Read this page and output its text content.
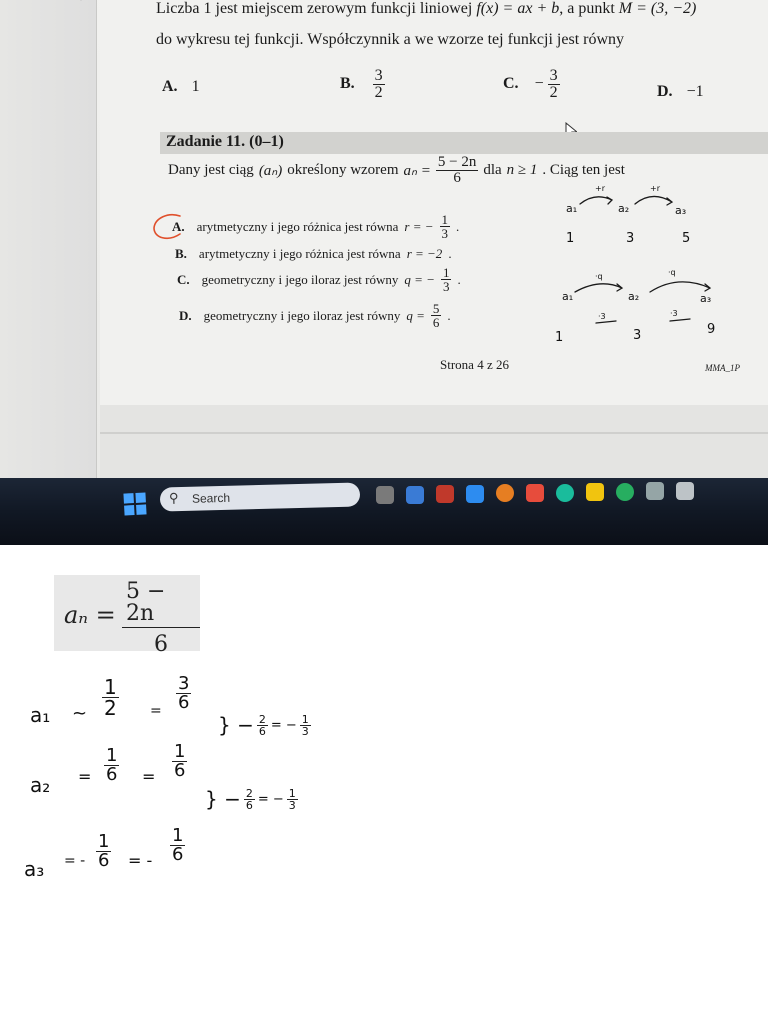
Liczba 1 jest miejscem zerowym funkcji liniowej f(x) = ax + b, a punkt M = (3, −2)
do wykresu tej funkcji. Współczynnik a we wzorze tej funkcji jest równy
A. 1	B. $\frac{3}{2}$	C. − $\frac{3}{2}$	D. −1
Zadanie 11. (0–1)
Dany jest ciąg (aₙ) określony wzorem $a_n = \frac{5 - 2n}{6}$ dla n ≥ 1 . Ciąg ten jest
A. arytmetyczny i jego różnica jest równa r = − $\frac{1}{3}$ .
B. arytmetyczny i jego różnica jest równa r = −2 .
C. geometryczny i jego iloraz jest równy q = − $\frac{1}{3}$ .
D. geometryczny i jego iloraz jest równy $q = \frac{5}{6}$ .
a₁	a₂	a₃
+r	+r
1	3	5
a₁	a₂	a₃
·q	·q
1	3	9
·3	·3
Strona 4 z 26	MMA_1P
⚲ Search
$a_n = \frac{5 - 2n}{6}$
a₁ ~ $\frac{1}{2} = \frac{3}{6}$
$a_2 = \frac{1}{6} = \frac{1}{6}$
a₃ = - $\frac{1}{6}$ = - $\frac{1}{6}$
} − $\frac{2}{6}$ = − $\frac{1}{3}$
} − $\frac{2}{6}$ = − $\frac{1}{3}$
